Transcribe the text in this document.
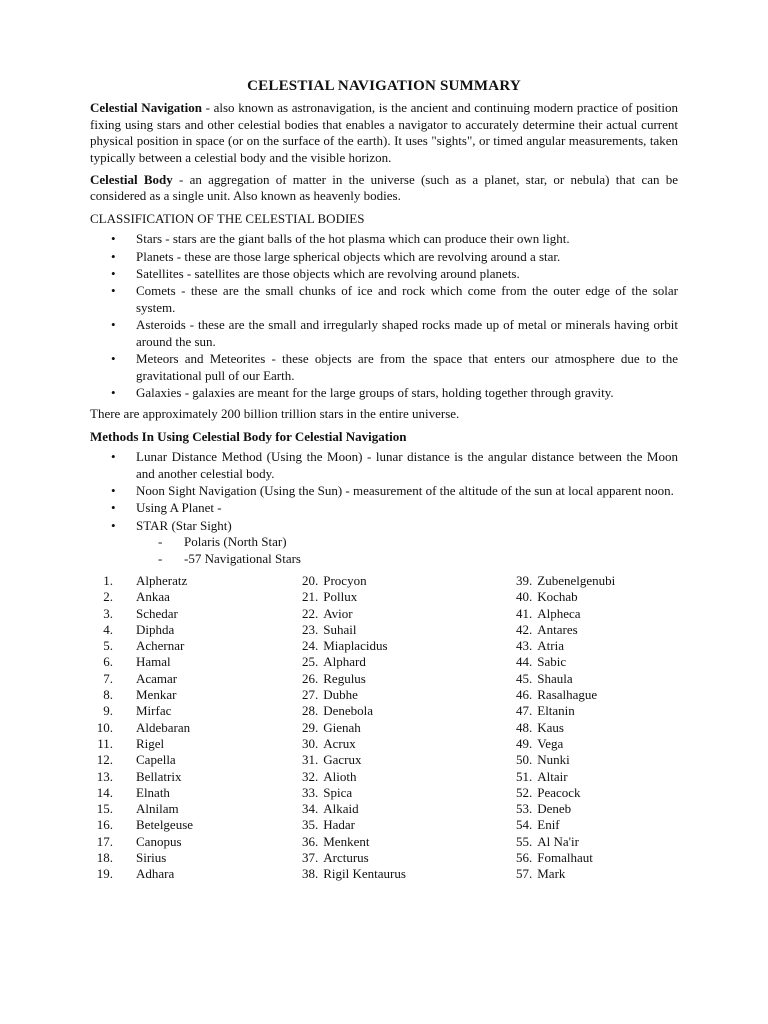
CELESTIAL NAVIGATION SUMMARY

Celestial Navigation - also known as astronavigation, is the ancient and continuing modern practice of position fixing using stars and other celestial bodies that enables a navigator to accurately determine their actual current physical position in space (or on the surface of the earth). It uses "sights", or timed angular measurements, taken typically between a celestial body and the visible horizon.

Celestial Body - an aggregation of matter in the universe (such as a planet, star, or nebula) that can be considered as a single unit. Also known as heavenly bodies.

CLASSIFICATION OF THE CELESTIAL BODIES
• Stars - stars are the giant balls of the hot plasma which can produce their own light.
• Planets - these are those large spherical objects which are revolving around a star.
• Satellites - satellites are those objects which are revolving around planets.
• Comets - these are the small chunks of ice and rock which come from the outer edge of the solar system.
• Asteroids - these are the small and irregularly shaped rocks made up of metal or minerals having orbit around the sun.
• Meteors and Meteorites - these objects are from the space that enters our atmosphere due to the gravitational pull of our Earth.
• Galaxies - galaxies are meant for the large groups of stars, holding together through gravity.

There are approximately 200 billion trillion stars in the entire universe.

Methods In Using Celestial Body for Celestial Navigation
• Lunar Distance Method (Using the Moon) - lunar distance is the angular distance between the Moon and another celestial body.
• Noon Sight Navigation (Using the Sun) - measurement of the altitude of the sun at local apparent noon.
• Using A Planet -
• STAR (Star Sight)
- Polaris (North Star)
- -57 Navigational Stars
1. Alpheratz
2. Ankaa
3. Schedar
4. Diphda
5. Achernar
6. Hamal
7. Acamar
8. Menkar
9. Mirfac
10. Aldebaran
11. Rigel
12. Capella
13. Bellatrix
14. Elnath
15. Alnilam
16. Betelgeuse
17. Canopus
18. Sirius
19. Adhara
20. Procyon
21. Pollux
22. Avior
23. Suhail
24. Miaplacidus
25. Alphard
26. Regulus
27. Dubhe
28. Denebola
29. Gienah
30. Acrux
31. Gacrux
32. Alioth
33. Spica
34. Alkaid
35. Hadar
36. Menkent
37. Arcturus
38. Rigil Kentaurus
39. Zubenelgenubi
40. Kochab
41. Alpheca
42. Antares
43. Atria
44. Sabic
45. Shaula
46. Rasalhague
47. Eltanin
48. Kaus
49. Vega
50. Nunki
51. Altair
52. Peacock
53. Deneb
54. Enif
55. Al Na'ir
56. Fomalhaut
57. Mark
